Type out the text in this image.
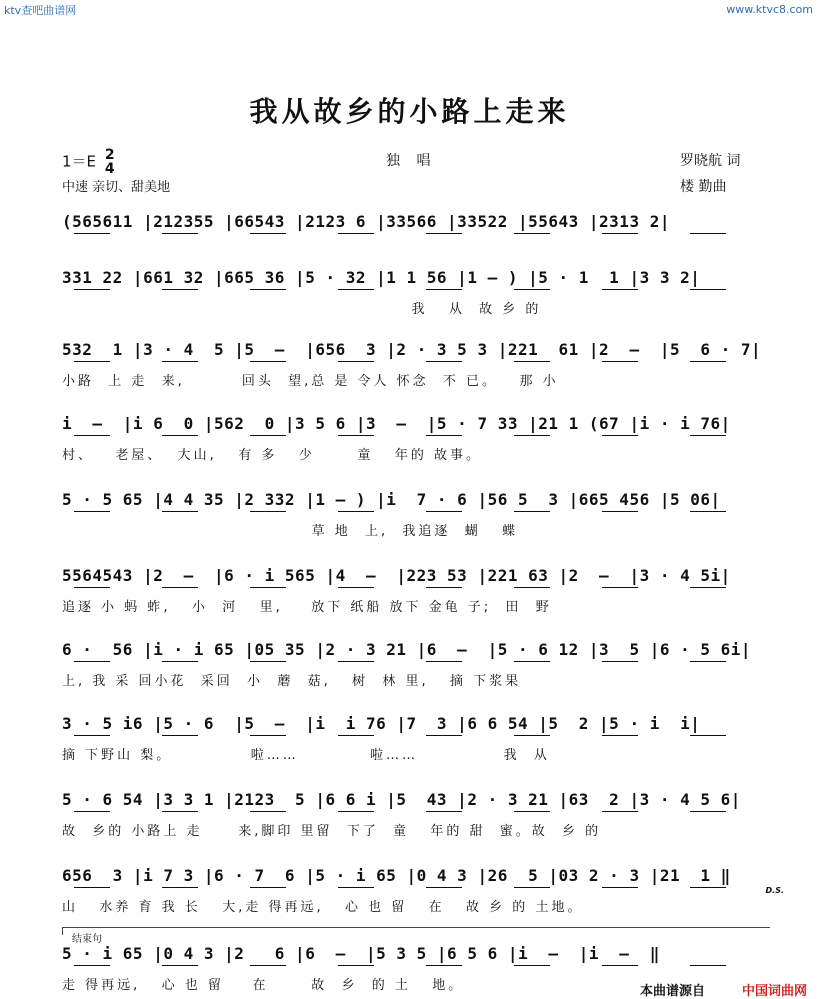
ktv查吧曲谱网	www.ktvc8.com
我从故乡的小路上走来
1＝E 2
4	独 唱	罗晓航 词
楼 勤曲
中速 亲切、甜美地
(565611 |212355 |66543 |2123 6 |33566 |33522 |55643 |2313 2|
331 22 |661 32 |665 36 |5 · 32 |1 1 56 |1 – ) |5 · 1  1 |3 3 2|
我   从  故 乡 的
532  1 |3 · 4  5 |5  –  |656  3 |2 · 3 5 3 |221  61 |2  –  |5  6 · 7|
小路  上 走  来,        回头  望,总 是 令人 怀念  不 已。   那 小
i  –  |i 6  0 |562  0 |3 5 6 |3  –  |5 · 7 33 |21 1 (67 |i · i 76|
村、   老屋、  大山,   有 多   少      童   年的 故事。
5 · 5 65 |4 4 35 |2 332 |1 – ) |i  7 · 6 |56 5  3 |665 456 |5 06|
草 地  上,  我追逐  蝴   蝶
5564543 |2  –  |6 · i 565 |4  –  |223 53 |221 63 |2  –  |3 · 4 5i|
追逐 小 蚂 蚱,   小  河   里,    放下 纸船 放下 金龟 子;  田  野
6 ·  56 |i · i 65 |05 35 |2 · 3 21 |6  –  |5 · 6 12 |3  5 |6 · 5 6i|
上, 我 采 回小花  采回  小  蘑  菇,   树  林 里,   摘 下浆果
3 · 5 i6 |5 · 6  |5  –  |i  i 76 |7  3 |6 6 54 |5  2 |5 · i  i|
摘 下野山 梨。           啦……          啦……            我  从
5 · 6 54 |3 3 1 |2123  5 |6 6 i |5  43 |2 · 3 21 |63  2 |3 · 4 5 6|
故  乡的 小路上 走     来,脚印 里留  下了  童   年的 甜  蜜。故  乡 的
656  3 |i 7 3 |6 · 7  6 |5 · i 65 |0 4 3 |26  5 |03 2 · 3 |21  1 ‖
山   水养 育 我 长   大,走 得再远,   心 也 留   在   故 乡 的 土地。
D.S.
5 · i 65 |0 4 3 |2   6 |6  –  |5 3 5 |6 5 6 |i  –  |i  –  ‖
走 得再远,   心 也 留    在      故  乡  的 土   地。
结束句
本曲谱源自	中国词曲网
